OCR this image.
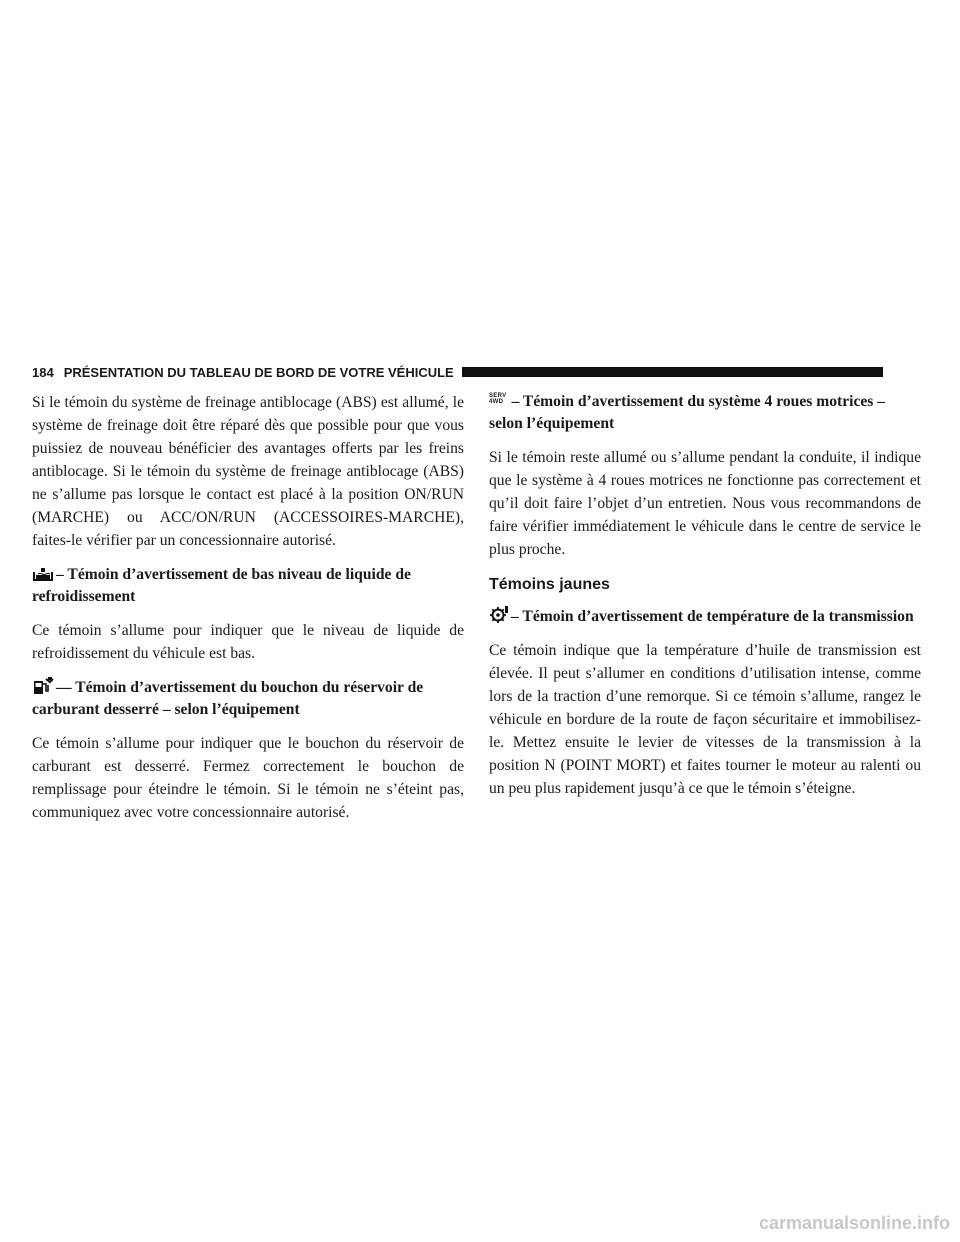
184 PRÉSENTATION DU TABLEAU DE BORD DE VOTRE VÉHICULE

Si le témoin du système de freinage antiblocage (ABS) est allumé, le système de freinage doit être réparé dès que possible pour que vous puissiez de nouveau bénéficier des avantages offerts par les freins antiblocage. Si le témoin du système de freinage antiblocage (ABS) ne s’allume pas lorsque le contact est placé à la position ON/RUN (MARCHE) ou ACC/ON/RUN (ACCESSOIRES-MARCHE), faites-le vérifier par un concessionnaire autorisé.

– Témoin d’avertissement de bas niveau de liquide de refroidissement

Ce témoin s’allume pour indiquer que le niveau de liquide de refroidissement du véhicule est bas.

— Témoin d’avertissement du bouchon du réservoir de carburant desserré – selon l’équipement

Ce témoin s’allume pour indiquer que le bouchon du réservoir de carburant est desserré. Fermez correctement le bouchon de remplissage pour éteindre le témoin. Si le témoin ne s’éteint pas, communiquez avec votre concessionnaire autorisé.

SERV
4WD – Témoin d’avertissement du système 4 roues motrices – selon l’équipement

Si le témoin reste allumé ou s’allume pendant la conduite, il indique que le système à 4 roues motrices ne fonctionne pas correctement et qu’il doit faire l’objet d’un entretien. Nous vous recommandons de faire vérifier immédiatement le véhicule dans le centre de service le plus proche.

Témoins jaunes
– Témoin d’avertissement de température de la transmission

Ce témoin indique que la température d’huile de transmission est élevée. Il peut s’allumer en conditions d’utilisation intense, comme lors de la traction d’une remorque. Si ce témoin s’allume, rangez le véhicule en bordure de la route de façon sécuritaire et immobilisez-le. Mettez ensuite le levier de vitesses de la transmission à la position N (POINT MORT) et faites tourner le moteur au ralenti ou un peu plus rapidement jusqu’à ce que le témoin s’éteigne.

carmanualsonline.info
